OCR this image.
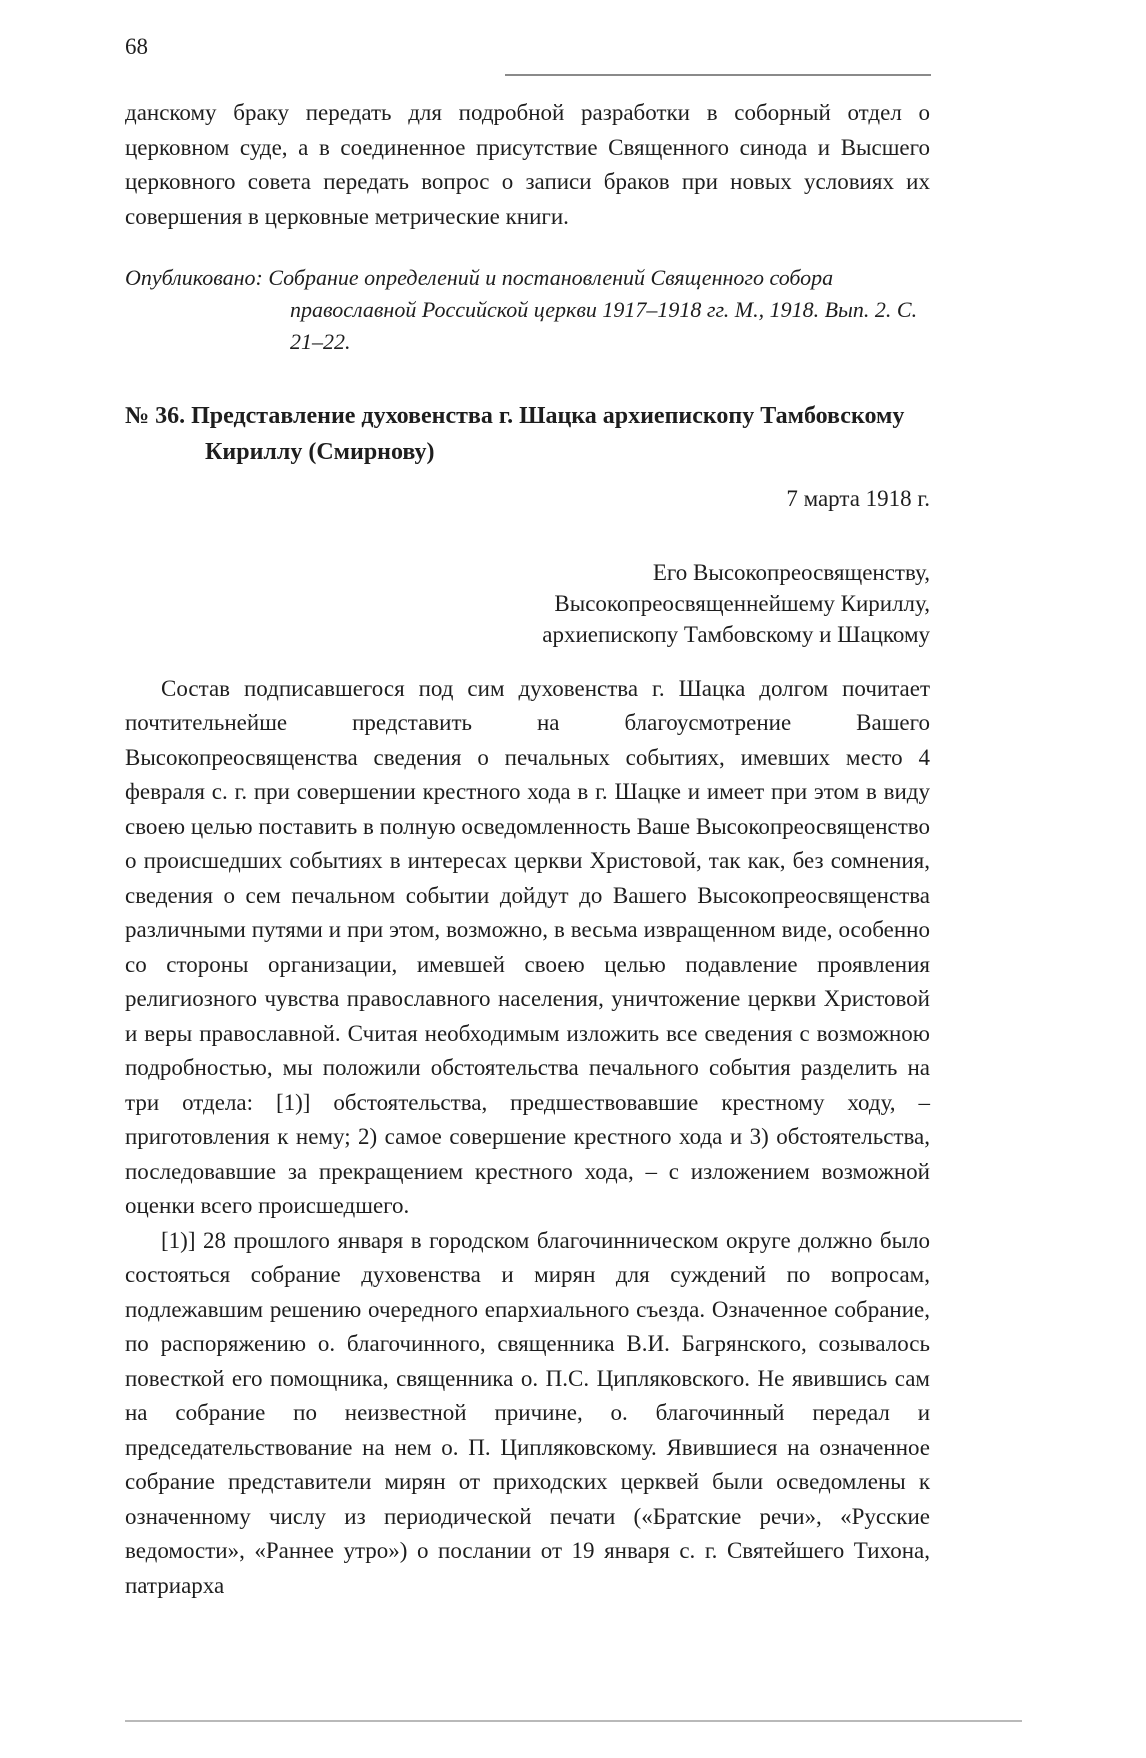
68

данскому браку передать для подробной разработки в соборный отдел о церковном суде, а в соединенное присутствие Священного синода и Высшего церковного совета передать вопрос о записи браков при новых условиях их совершения в церковные метрические книги.

Опубликовано: Собрание определений и постановлений Священного собора православной Российской церкви 1917–1918 гг. М., 1918. Вып. 2. С. 21–22.

№ 36. Представление духовенства г. Шацка архиепископу Тамбовскому Кириллу (Смирнову)

7 марта 1918 г.

Его Высокопреосвященству,
Высокопреосвященнейшему Кириллу,
архиепископу Тамбовскому и Шацкому

Состав подписавшегося под сим духовенства г. Шацка долгом почитает почтительнейше представить на благоусмотрение Вашего Высокопреосвященства сведения о печальных событиях, имевших место 4 февраля с. г. при совершении крестного хода в г. Шацке и имеет при этом в виду своею целью поставить в полную осведомленность Ваше Высокопреосвященство о происшедших событиях в интересах церкви Христовой, так как, без сомнения, сведения о сем печальном событии дойдут до Вашего Высокопреосвященства различными путями и при этом, возможно, в весьма извращенном виде, особенно со стороны организации, имевшей своею целью подавление проявления религиозного чувства православного населения, уничтожение церкви Христовой и веры православной. Считая необходимым изложить все сведения с возможною подробностью, мы положили обстоятельства печального события разделить на три отдела: [1)] обстоятельства, предшествовавшие крестному ходу, – приготовления к нему; 2) самое совершение крестного хода и 3) обстоятельства, последовавшие за прекращением крестного хода, – с изложением возможной оценки всего происшедшего.

[1)] 28 прошлого января в городском благочинническом округе должно было состояться собрание духовенства и мирян для суждений по вопросам, подлежавшим решению очередного епархиального съезда. Означенное собрание, по распоряжению о. благочинного, священника В.И. Багрянского, созывалось повесткой его помощника, священника о. П.С. Ципляковского. Не явившись сам на собрание по неизвестной причине, о. благочинный передал и председательствование на нем о. П. Ципляковскому. Явившиеся на означенное собрание представители мирян от приходских церквей были осведомлены к означенному числу из периодической печати («Братские речи», «Русские ведомости», «Раннее утро») о послании от 19 января с. г. Святейшего Тихона, патриарха
